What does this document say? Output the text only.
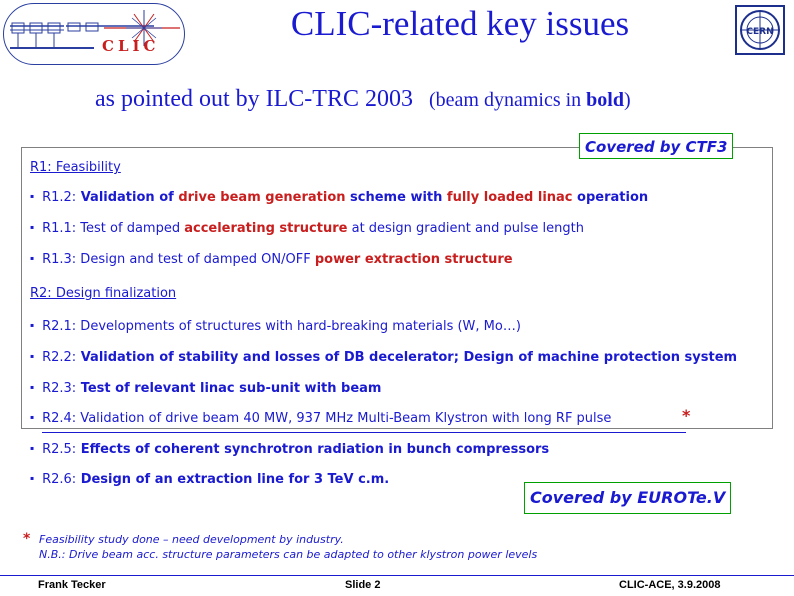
CLIC
CLIC-related key issues	CERN
as pointed out by ILC-TRC 2003 (beam dynamics in bold)
Covered by CTF3
R1: Feasibility
▪ R1.2: Validation of drive beam generation scheme with fully loaded linac operation
▪ R1.1: Test of damped accelerating structure at design gradient and pulse length
▪ R1.3: Design and test of damped ON/OFF power extraction structure
R2: Design finalization
▪ R2.1: Developments of structures with hard-breaking materials (W, Mo…)
▪ R2.2: Validation of stability and losses of DB decelerator; Design of machine protection system
▪ R2.3: Test of relevant linac sub-unit with beam
▪ R2.4: Validation of drive beam 40 MW, 937 MHz Multi-Beam Klystron with long RF pulse	*
▪ R2.5: Effects of coherent synchrotron radiation in bunch compressors
▪ R2.6: Design of an extraction line for 3 TeV c.m.
Covered by EUROTe.V
* Feasibility study done – need development by industry.
N.B.: Drive beam acc. structure parameters can be adapted to other klystron power levels
Frank Tecker	Slide 2	CLIC-ACE, 3.9.2008
